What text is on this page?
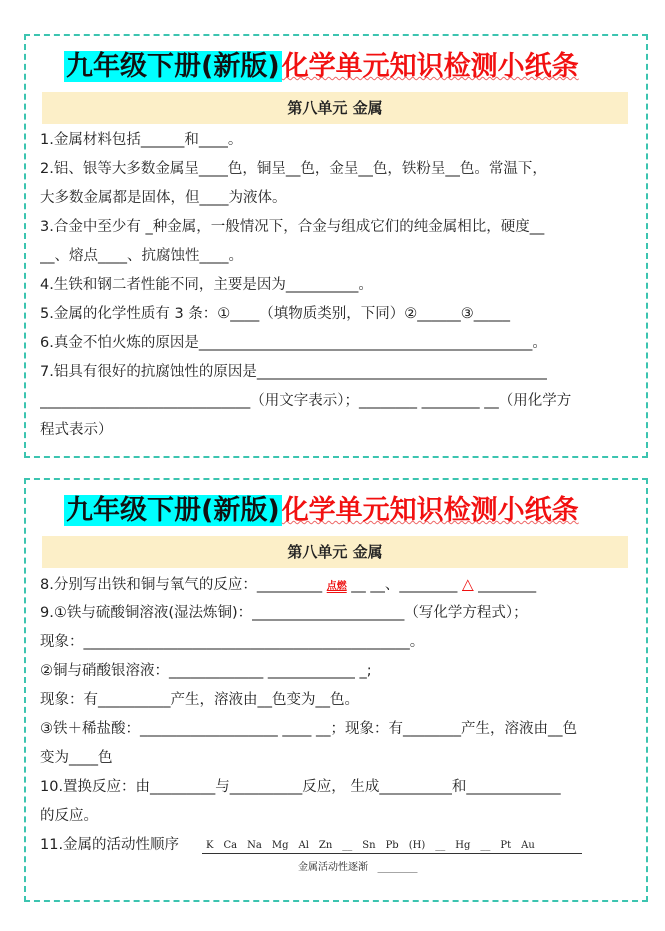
九年级下册(新版)化学单元知识检测小纸条
第八单元 金属
1.金属材料包括______和____。
2.铝、银等大多数金属呈____色，铜呈__色，金呈__色，铁粉呈__色。常温下，
大多数金属都是固体，但____为液体。
3.合金中至少有 _种金属，一般情况下，合金与组成它们的纯金属相比，硬度__
__、熔点____、抗腐蚀性____。
4.生铁和钢二者性能不同，主要是因为__________。
5.金属的化学性质有 3 条：①____（填物质类别，下同）②______③_____
6.真金不怕火炼的原因是______________________________________________。
7.铝具有很好的抗腐蚀性的原因是________________________________________
_____________________________（用文字表示）；________ ________ __（用化学方
程式表示）
九年级下册(新版)化学单元知识检测小纸条
第八单元 金属
8.分别写出铁和铜与氧气的反应：_________ 点燃 __ __、________ △ ________
9.①铁与硫酸铜溶液(湿法炼铜)：_____________________（写化学方程式）；
现象：_____________________________________________。
②铜与硝酸银溶液：_____________ ____________ _;
现象：有__________产生，溶液由__色变为__色。
③铁＋稀盐酸：___________________ ____ __；现象：有________产生，溶液由__色
变为____色
10.置换反应：由_________与__________反应， 生成__________和_____________
的反应。
11.金属的活动性顺序	K Ca Na Mg Al Zn __ Sn Pb (H) __ Hg __ Pt Au
金属活动性逐渐 ________
